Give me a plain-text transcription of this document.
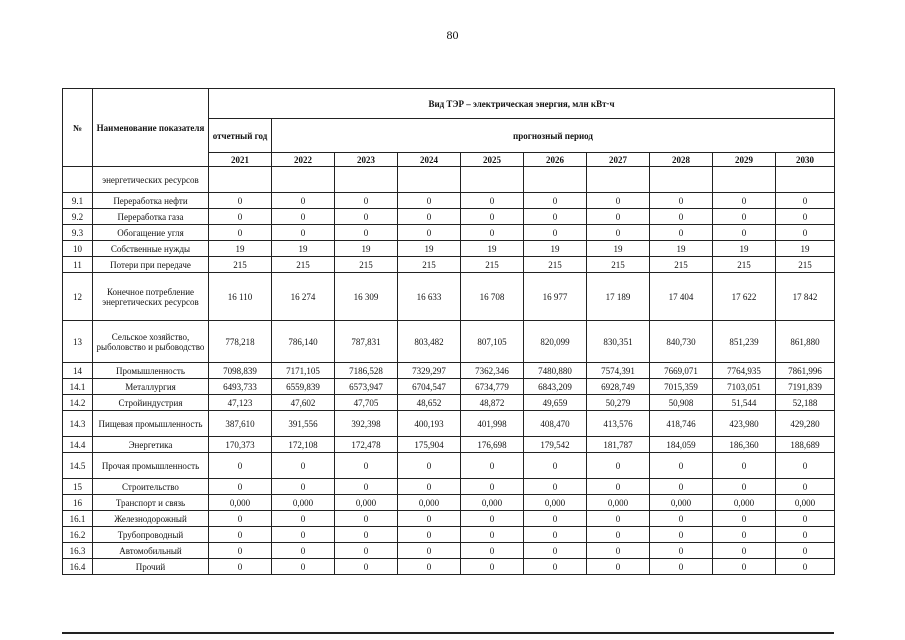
80
№	Наименование показателя	Вид ТЭР – электрическая энергия, млн кВт·ч									
		отчетный год	прогнозный период								
		2021	2022	2023	2024	2025	2026	2027	2028	2029	2030
	энергетических ресурсов										
9.1	Переработка нефти	0	0	0	0	0	0	0	0	0	0
9.2	Переработка газа	0	0	0	0	0	0	0	0	0	0
9.3	Обогащение угля	0	0	0	0	0	0	0	0	0	0
10	Собственные нужды	19	19	19	19	19	19	19	19	19	19
11	Потери при передаче	215	215	215	215	215	215	215	215	215	215
12	Конечное потребление энергетических ресурсов	16 110	16 274	16 309	16 633	16 708	16 977	17 189	17 404	17 622	17 842
13	Сельское хозяйство, рыболовство и рыбоводство	778,218	786,140	787,831	803,482	807,105	820,099	830,351	840,730	851,239	861,880
14	Промышленность	7098,839	7171,105	7186,528	7329,297	7362,346	7480,880	7574,391	7669,071	7764,935	7861,996
14.1	Металлургия	6493,733	6559,839	6573,947	6704,547	6734,779	6843,209	6928,749	7015,359	7103,051	7191,839
14.2	Стройиндустрия	47,123	47,602	47,705	48,652	48,872	49,659	50,279	50,908	51,544	52,188
14.3	Пищевая промышленность	387,610	391,556	392,398	400,193	401,998	408,470	413,576	418,746	423,980	429,280
14.4	Энергетика	170,373	172,108	172,478	175,904	176,698	179,542	181,787	184,059	186,360	188,689
14.5	Прочая промышленность	0	0	0	0	0	0	0	0	0	0
15	Строительство	0	0	0	0	0	0	0	0	0	0
16	Транспорт и связь	0,000	0,000	0,000	0,000	0,000	0,000	0,000	0,000	0,000	0,000
16.1	Железнодорожный	0	0	0	0	0	0	0	0	0	0
16.2	Трубопроводный	0	0	0	0	0	0	0	0	0	0
16.3	Автомобильный	0	0	0	0	0	0	0	0	0	0
16.4	Прочий	0	0	0	0	0	0	0	0	0	0
